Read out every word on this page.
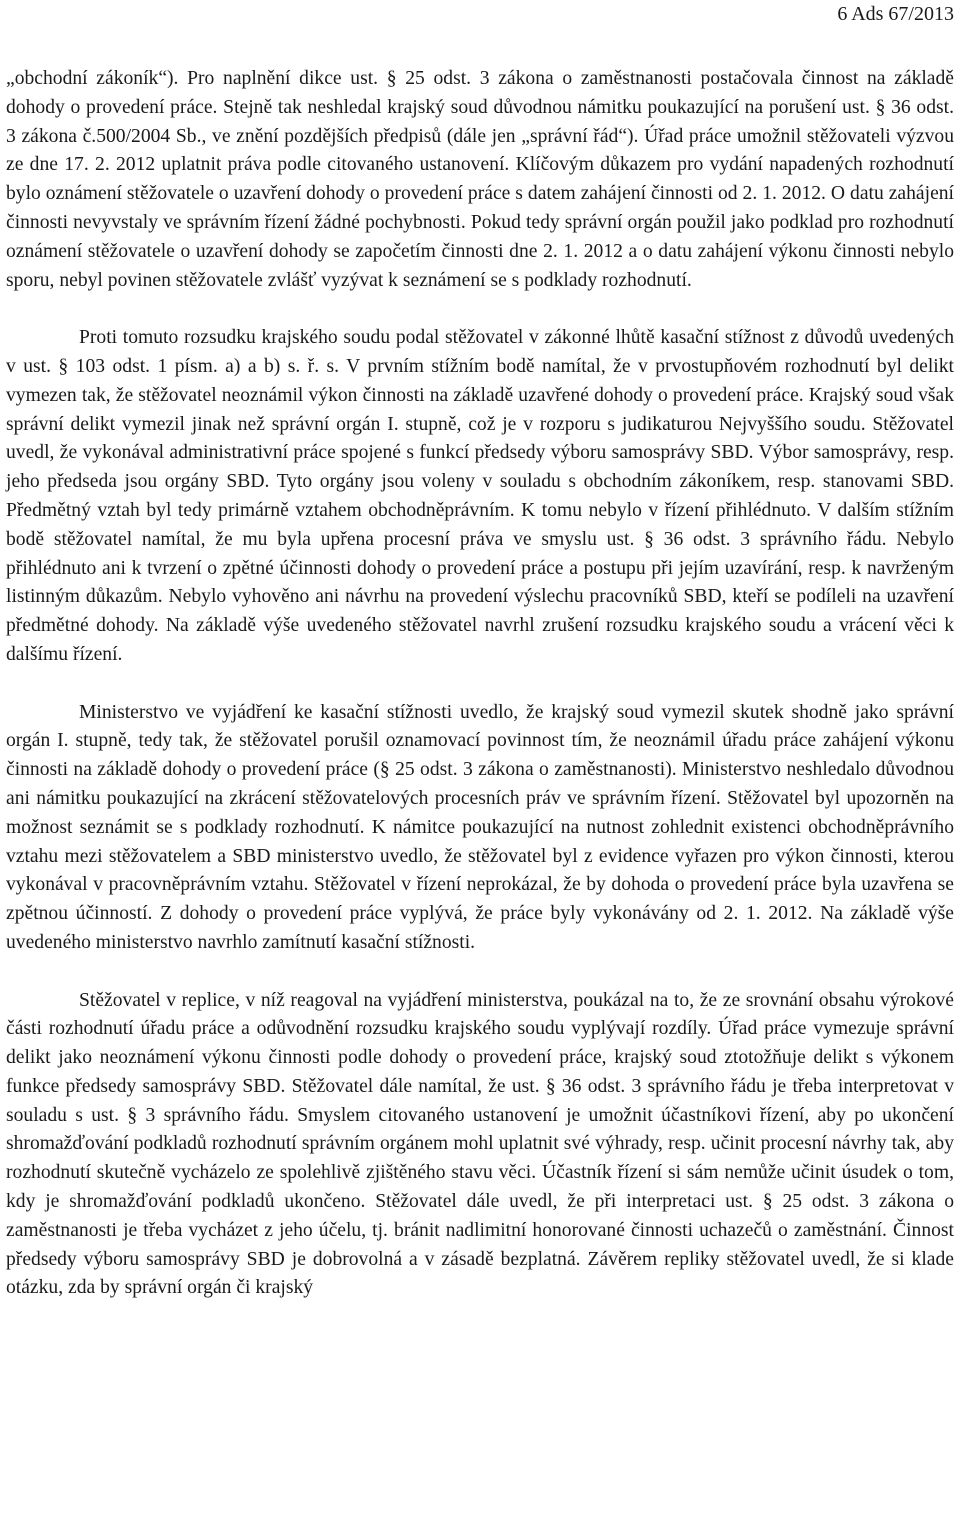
6 Ads 67/2013

„obchodní zákoník“). Pro naplnění dikce ust. § 25 odst. 3 zákona o zaměstnanosti postačovala činnost na základě dohody o provedení práce. Stejně tak neshledal krajský soud důvodnou námitku poukazující na porušení ust. § 36 odst. 3 zákona č.500/2004 Sb., ve znění pozdějších předpisů (dále jen „správní řád“). Úřad práce umožnil stěžovateli výzvou ze dne 17. 2. 2012 uplatnit práva podle citovaného ustanovení. Klíčovým důkazem pro vydání napadených rozhodnutí bylo oznámení stěžovatele o uzavření dohody o provedení práce s datem zahájení činnosti od 2. 1. 2012. O datu zahájení činnosti nevyvstaly ve správním řízení žádné pochybnosti. Pokud tedy správní orgán použil jako podklad pro rozhodnutí oznámení stěžovatele o uzavření dohody se započetím činnosti dne 2. 1. 2012 a o datu zahájení výkonu činnosti nebylo sporu, nebyl povinen stěžovatele zvlášť vyzývat k seznámení se s podklady rozhodnutí.

Proti tomuto rozsudku krajského soudu podal stěžovatel v zákonné lhůtě kasační stížnost z důvodů uvedených v ust. § 103 odst. 1 písm. a) a b) s. ř. s. V prvním stížním bodě namítal, že v prvostupňovém rozhodnutí byl delikt vymezen tak, že stěžovatel neoznámil výkon činnosti na základě uzavřené dohody o provedení práce. Krajský soud však správní delikt vymezil jinak než správní orgán I. stupně, což je v rozporu s judikaturou Nejvyššího soudu. Stěžovatel uvedl, že vykonával administrativní práce spojené s funkcí předsedy výboru samosprávy SBD. Výbor samosprávy, resp. jeho předseda jsou orgány SBD. Tyto orgány jsou voleny v souladu s obchodním zákoníkem, resp. stanovami SBD. Předmětný vztah byl tedy primárně vztahem obchodněprávním. K tomu nebylo v řízení přihlédnuto. V dalším stížním bodě stěžovatel namítal, že mu byla upřena procesní práva ve smyslu ust. § 36 odst. 3 správního řádu. Nebylo přihlédnuto ani k tvrzení o zpětné účinnosti dohody o provedení práce a postupu při jejím uzavírání, resp. k navrženým listinným důkazům. Nebylo vyhověno ani návrhu na provedení výslechu pracovníků SBD, kteří se podíleli na uzavření předmětné dohody. Na základě výše uvedeného stěžovatel navrhl zrušení rozsudku krajského soudu a vrácení věci k dalšímu řízení.

Ministerstvo ve vyjádření ke kasační stížnosti uvedlo, že krajský soud vymezil skutek shodně jako správní orgán I. stupně, tedy tak, že stěžovatel porušil oznamovací povinnost tím, že neoznámil úřadu práce zahájení výkonu činnosti na základě dohody o provedení práce (§ 25 odst. 3 zákona o zaměstnanosti). Ministerstvo neshledalo důvodnou ani námitku poukazující na zkrácení stěžovatelových procesních práv ve správním řízení. Stěžovatel byl upozorněn na možnost seznámit se s podklady rozhodnutí. K námitce poukazující na nutnost zohlednit existenci obchodněprávního vztahu mezi stěžovatelem a SBD ministerstvo uvedlo, že stěžovatel byl z evidence vyřazen pro výkon činnosti, kterou vykonával v pracovněprávním vztahu. Stěžovatel v řízení neprokázal, že by dohoda o provedení práce byla uzavřena se zpětnou účinností. Z dohody o provedení práce vyplývá, že práce byly vykonávány od 2. 1. 2012. Na základě výše uvedeného ministerstvo navrhlo zamítnutí kasační stížnosti.

Stěžovatel v replice, v níž reagoval na vyjádření ministerstva, poukázal na to, že ze srovnání obsahu výrokové části rozhodnutí úřadu práce a odůvodnění rozsudku krajského soudu vyplývají rozdíly. Úřad práce vymezuje správní delikt jako neoznámení výkonu činnosti podle dohody o provedení práce, krajský soud ztotožňuje delikt s výkonem funkce předsedy samosprávy SBD. Stěžovatel dále namítal, že ust. § 36 odst. 3 správního řádu je třeba interpretovat v souladu s ust. § 3 správního řádu. Smyslem citovaného ustanovení je umožnit účastníkovi řízení, aby po ukončení shromažďování podkladů rozhodnutí správním orgánem mohl uplatnit své výhrady, resp. učinit procesní návrhy tak, aby rozhodnutí skutečně vycházelo ze spolehlivě zjištěného stavu věci. Účastník řízení si sám nemůže učinit úsudek o tom, kdy je shromažďování podkladů ukončeno. Stěžovatel dále uvedl, že při interpretaci ust. § 25 odst. 3 zákona o zaměstnanosti je třeba vycházet z jeho účelu, tj. bránit nadlimitní honorované činnosti uchazečů o zaměstnání. Činnost předsedy výboru samosprávy SBD je dobrovolná a v zásadě bezplatná. Závěrem repliky stěžovatel uvedl, že si klade otázku, zda by správní orgán či krajský
